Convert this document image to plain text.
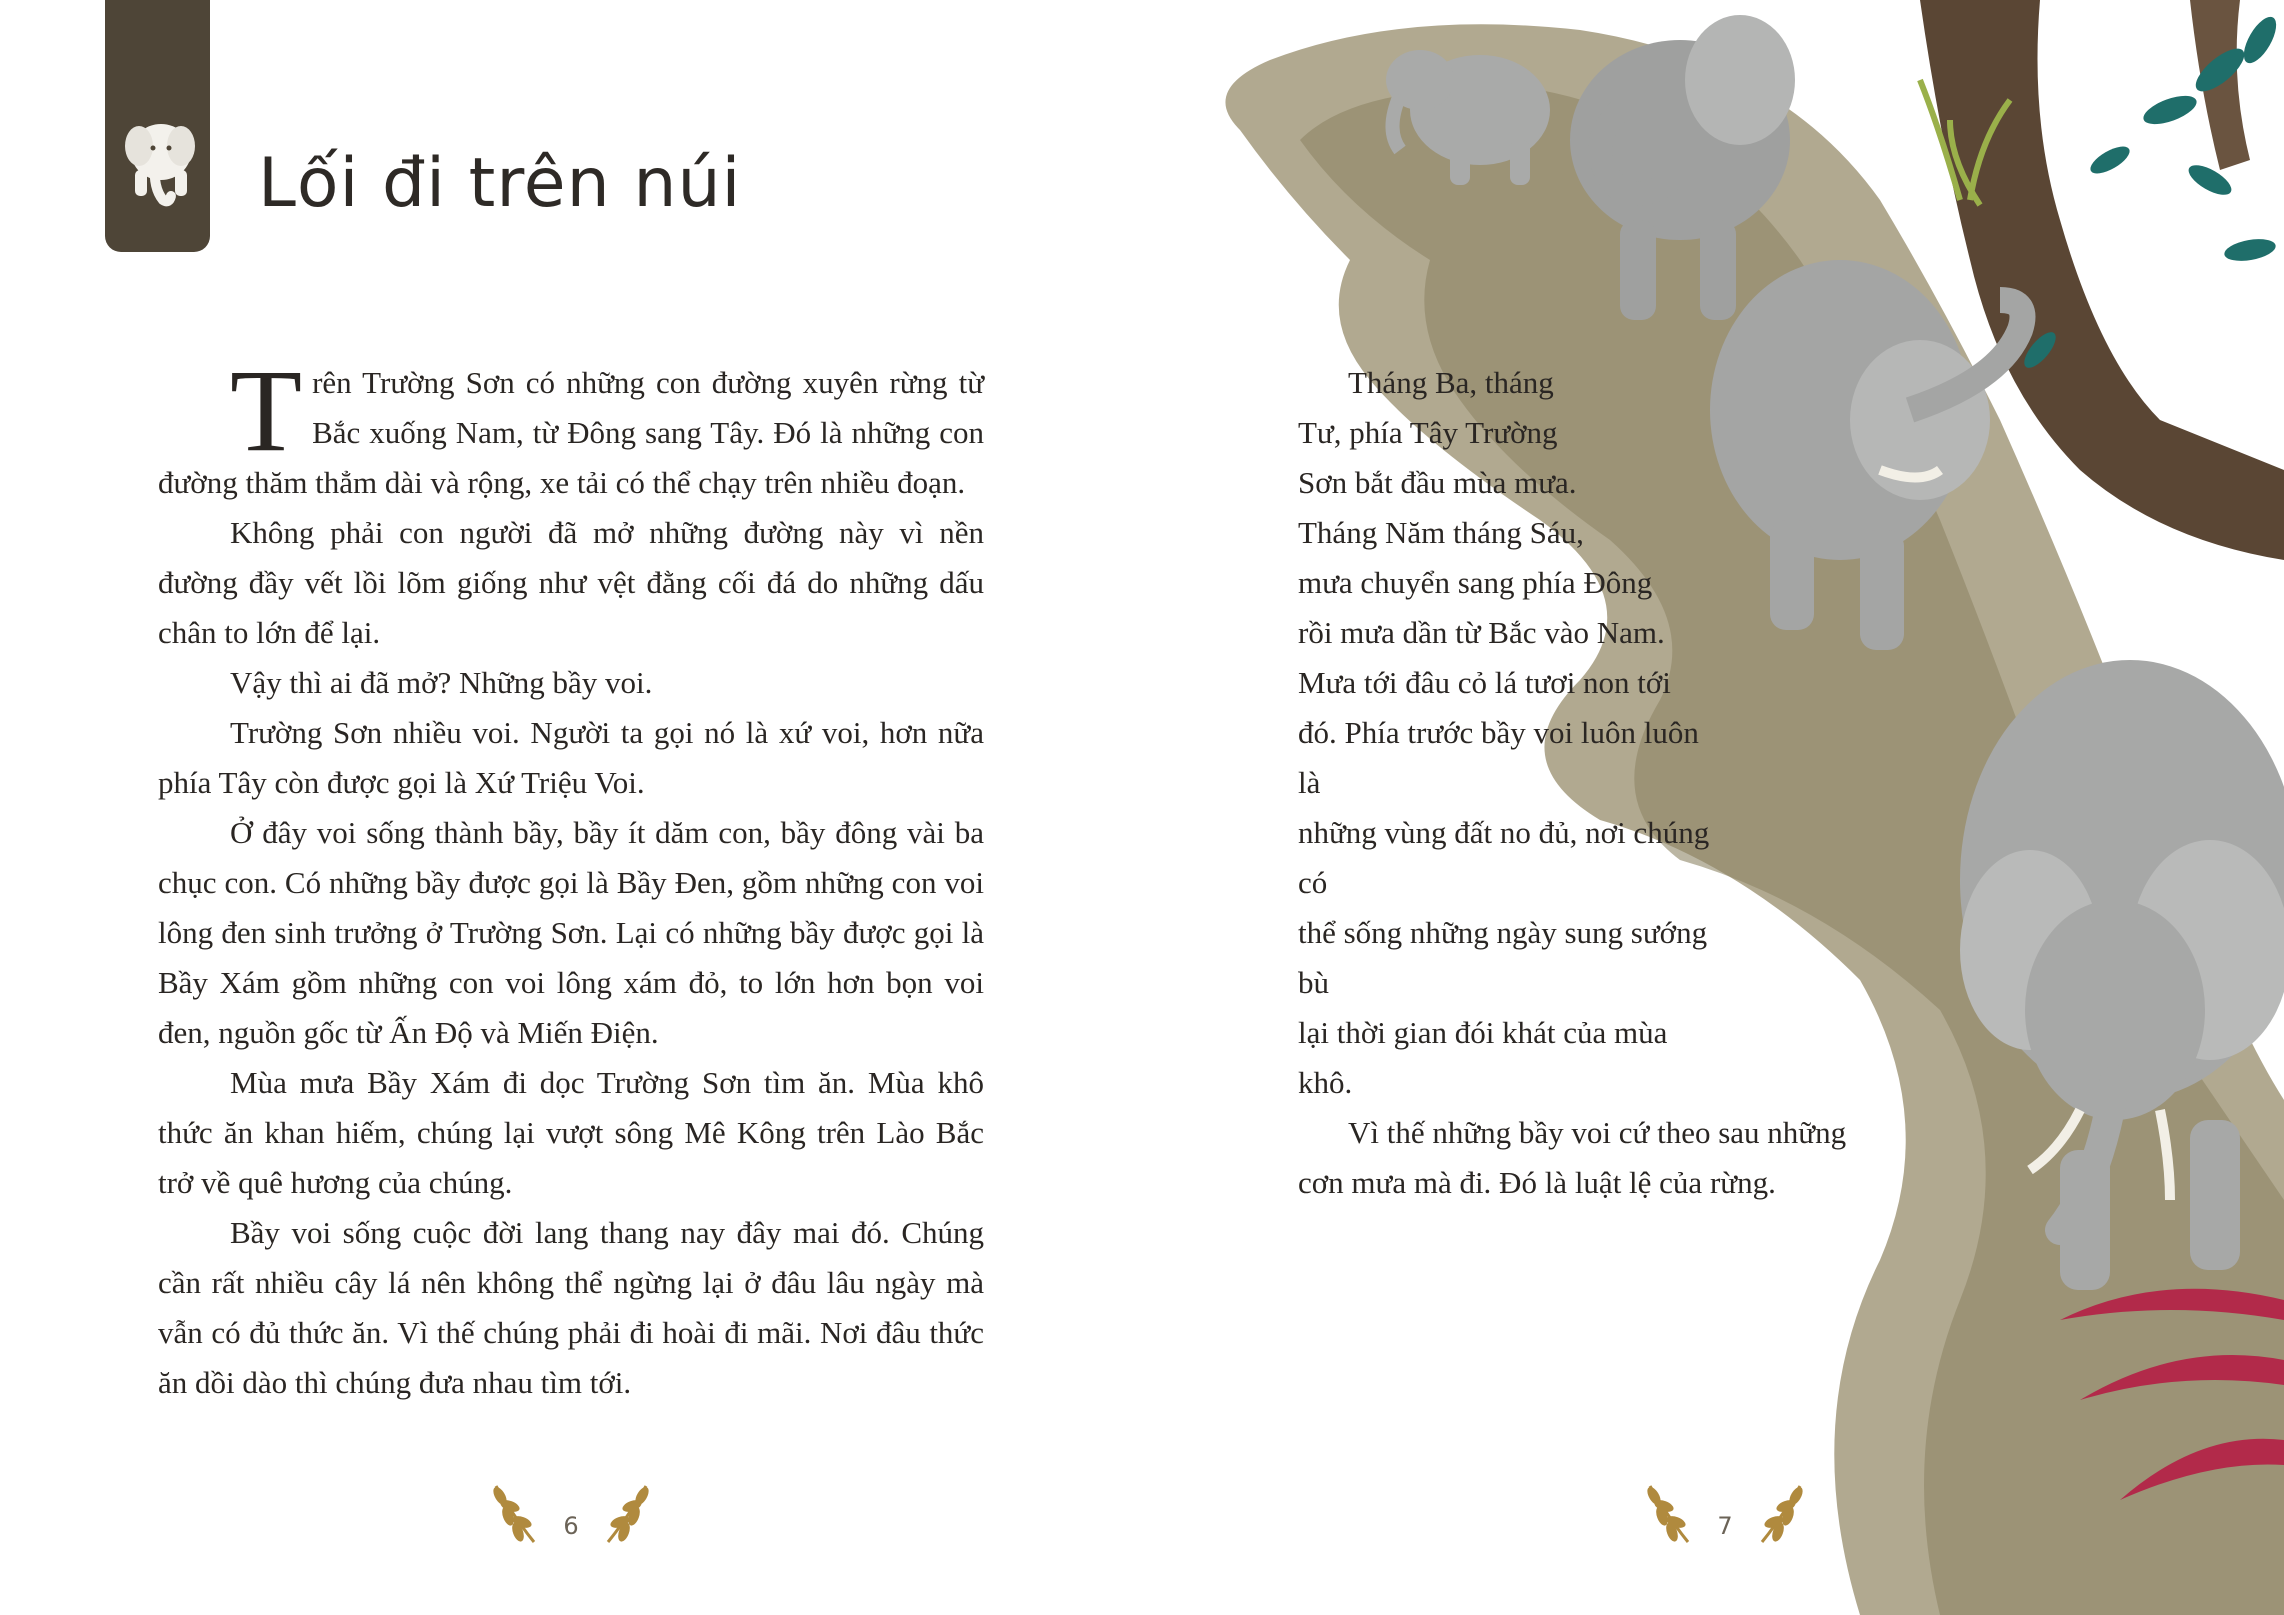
Lối đi trên núi

Trên Trường Sơn có những con đường xuyên rừng từ Bắc xuống Nam, từ Đông sang Tây. Đó là những con đường thăm thẳm dài và rộng, xe tải có thể chạy trên nhiều đoạn.

Không phải con người đã mở những đường này vì nền đường đầy vết lồi lõm giống như vệt đằng cối đá do những dấu chân to lớn để lại.

Vậy thì ai đã mở? Những bầy voi.

Trường Sơn nhiều voi. Người ta gọi nó là xứ voi, hơn nữa phía Tây còn được gọi là Xứ Triệu Voi.

Ở đây voi sống thành bầy, bầy ít dăm con, bầy đông vài ba chục con. Có những bầy được gọi là Bầy Đen, gồm những con voi lông đen sinh trưởng ở Trường Sơn. Lại có những bầy được gọi là Bầy Xám gồm những con voi lông xám đỏ, to lớn hơn bọn voi đen, nguồn gốc từ Ấn Độ và Miến Điện.

Mùa mưa Bầy Xám đi dọc Trường Sơn tìm ăn. Mùa khô thức ăn khan hiếm, chúng lại vượt sông Mê Kông trên Lào Bắc trở về quê hương của chúng.

Bầy voi sống cuộc đời lang thang nay đây mai đó. Chúng cần rất nhiều cây lá nên không thể ngừng lại ở đâu lâu ngày mà vẫn có đủ thức ăn. Vì thế chúng phải đi hoài đi mãi. Nơi đâu thức ăn dồi dào thì chúng đưa nhau tìm tới.

6

Tháng Ba, tháng
Tư, phía Tây Trường
Sơn bắt đầu mùa mưa.
Tháng Năm tháng Sáu,
mưa chuyển sang phía Đông
rồi mưa dần từ Bắc vào Nam.
Mưa tới đâu cỏ lá tươi non tới
đó. Phía trước bầy voi luôn luôn là
những vùng đất no đủ, nơi chúng có
thể sống những ngày sung sướng bù
lại thời gian đói khát của mùa khô.

Vì thế những bầy voi cứ theo sau những cơn mưa mà đi. Đó là luật lệ của rừng.

7
